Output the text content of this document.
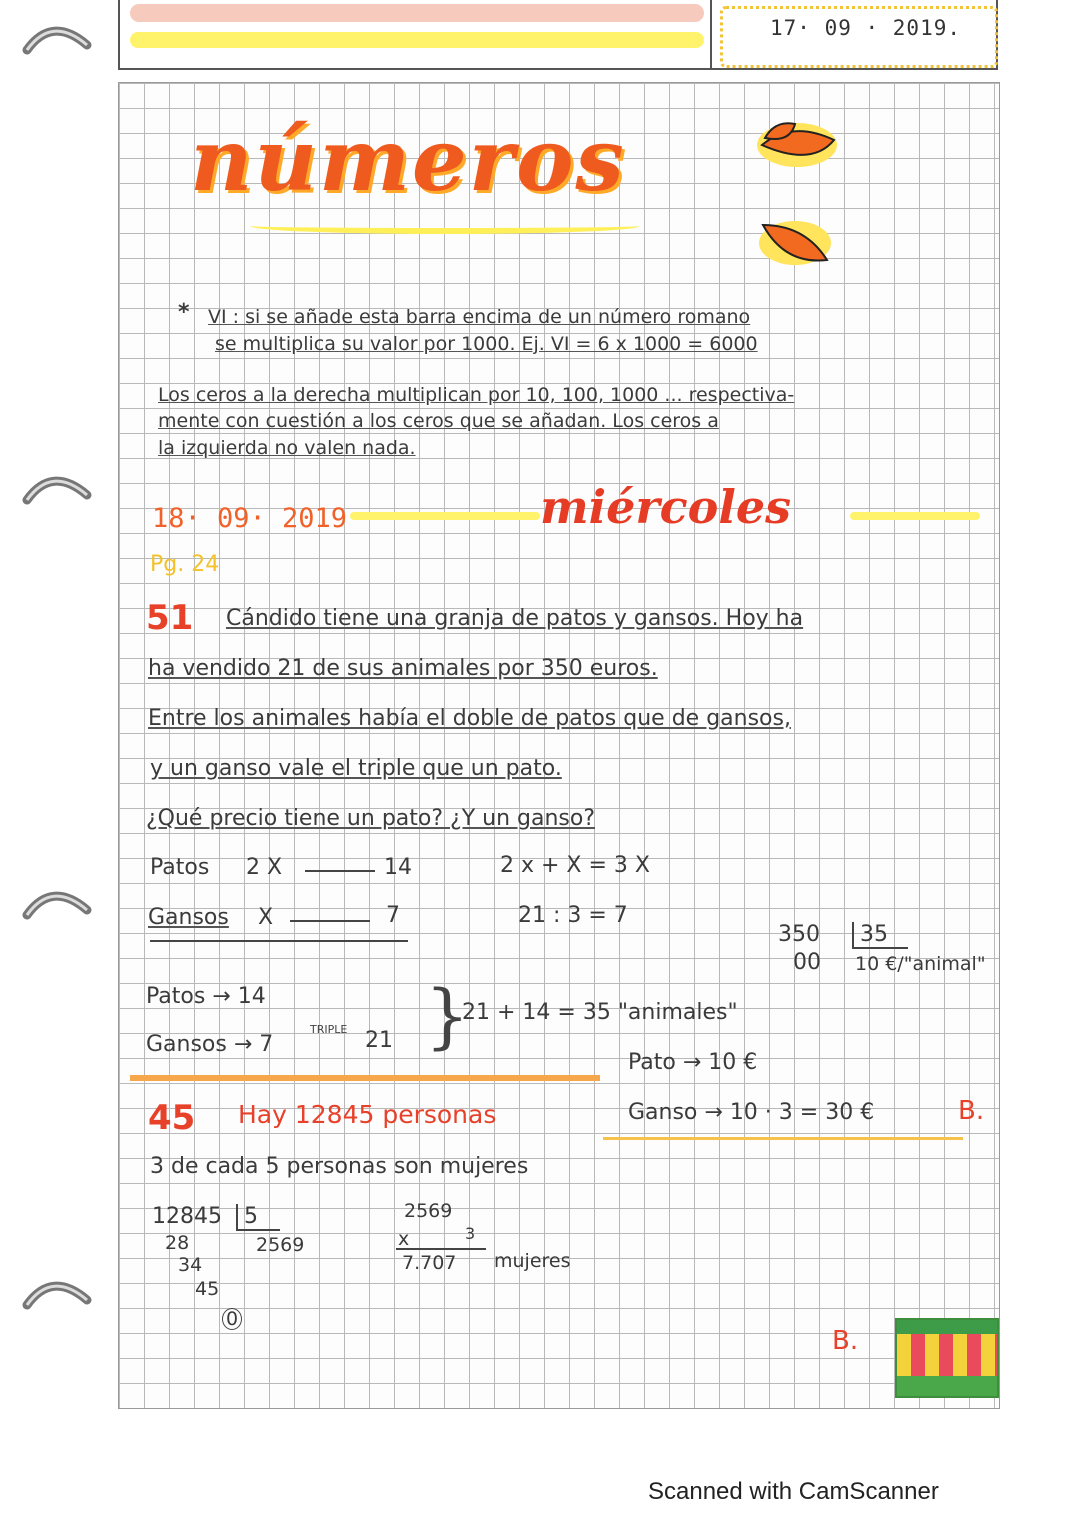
17· 09 · 2019.
números
* VI : si se añade esta barra encima de un número romano
se multiplica su valor por 1000. Ej. VI = 6 x 1000 = 6000
Los ceros a la derecha multiplican por 10, 100, 1000 ... respectiva-
mente con cuestión a los ceros que se añadan. Los ceros a
la izquierda no valen nada.
18· 09· 2019	miércoles
Pg. 24
51 Cándido tiene una granja de patos y gansos. Hoy ha
ha vendido 21 de sus animales por 350 euros.
Entre los animales había el doble de patos que de gansos,
y un ganso vale el triple que un pato.
¿Qué precio tiene un pato? ¿Y un ganso?
Patos 2 X	14	2 x + X = 3 X
Gansos X	7	21 : 3 = 7
350	35
00 10 €/"animal"
Patos → 14
Gansos → 7
TRIPLE 21 }
21 + 14 = 35 "animales"
Pato → 10 €
Ganso → 10 · 3 = 30 €	B.
45 Hay 12845 personas
3 de cada 5 personas son mujeres
12845	5
2569
28
34
45
0
2569
x	3
7.707 mujeres
B.
Scanned with CamScanner
